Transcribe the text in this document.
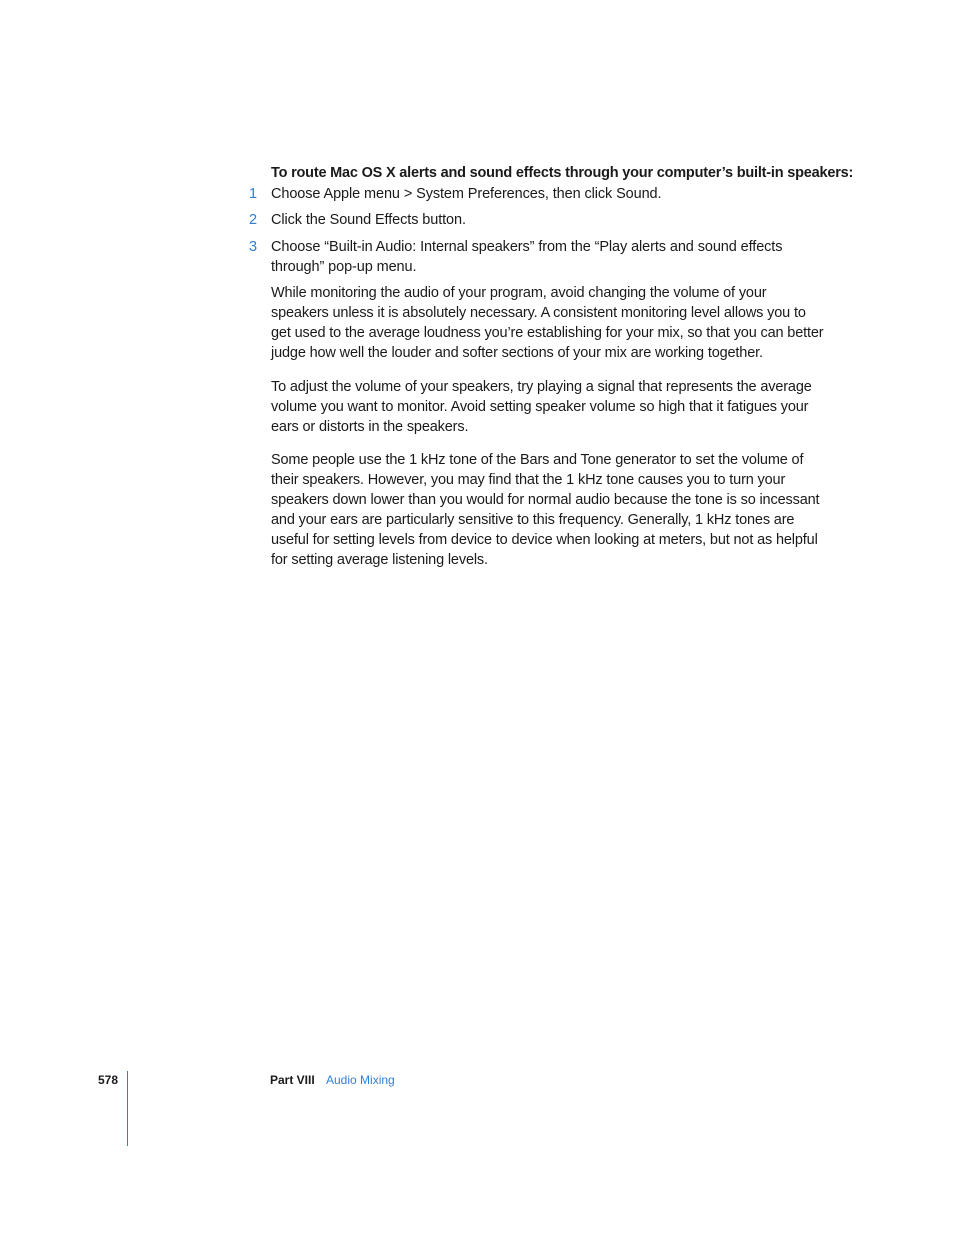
To route Mac OS X alerts and sound effects through your computer’s built-in speakers:
1 Choose Apple menu > System Preferences, then click Sound.
2 Click the Sound Effects button.
3 Choose “Built-in Audio: Internal speakers” from the “Play alerts and sound effects through” pop-up menu.
While monitoring the audio of your program, avoid changing the volume of your speakers unless it is absolutely necessary. A consistent monitoring level allows you to get used to the average loudness you’re establishing for your mix, so that you can better judge how well the louder and softer sections of your mix are working together.
To adjust the volume of your speakers, try playing a signal that represents the average volume you want to monitor. Avoid setting speaker volume so high that it fatigues your ears or distorts in the speakers.
Some people use the 1 kHz tone of the Bars and Tone generator to set the volume of their speakers. However, you may find that the 1 kHz tone causes you to turn your speakers down lower than you would for normal audio because the tone is so incessant and your ears are particularly sensitive to this frequency. Generally, 1 kHz tones are useful for setting levels from device to device when looking at meters, but not as helpful for setting average listening levels.
578	Part VIII Audio Mixing
